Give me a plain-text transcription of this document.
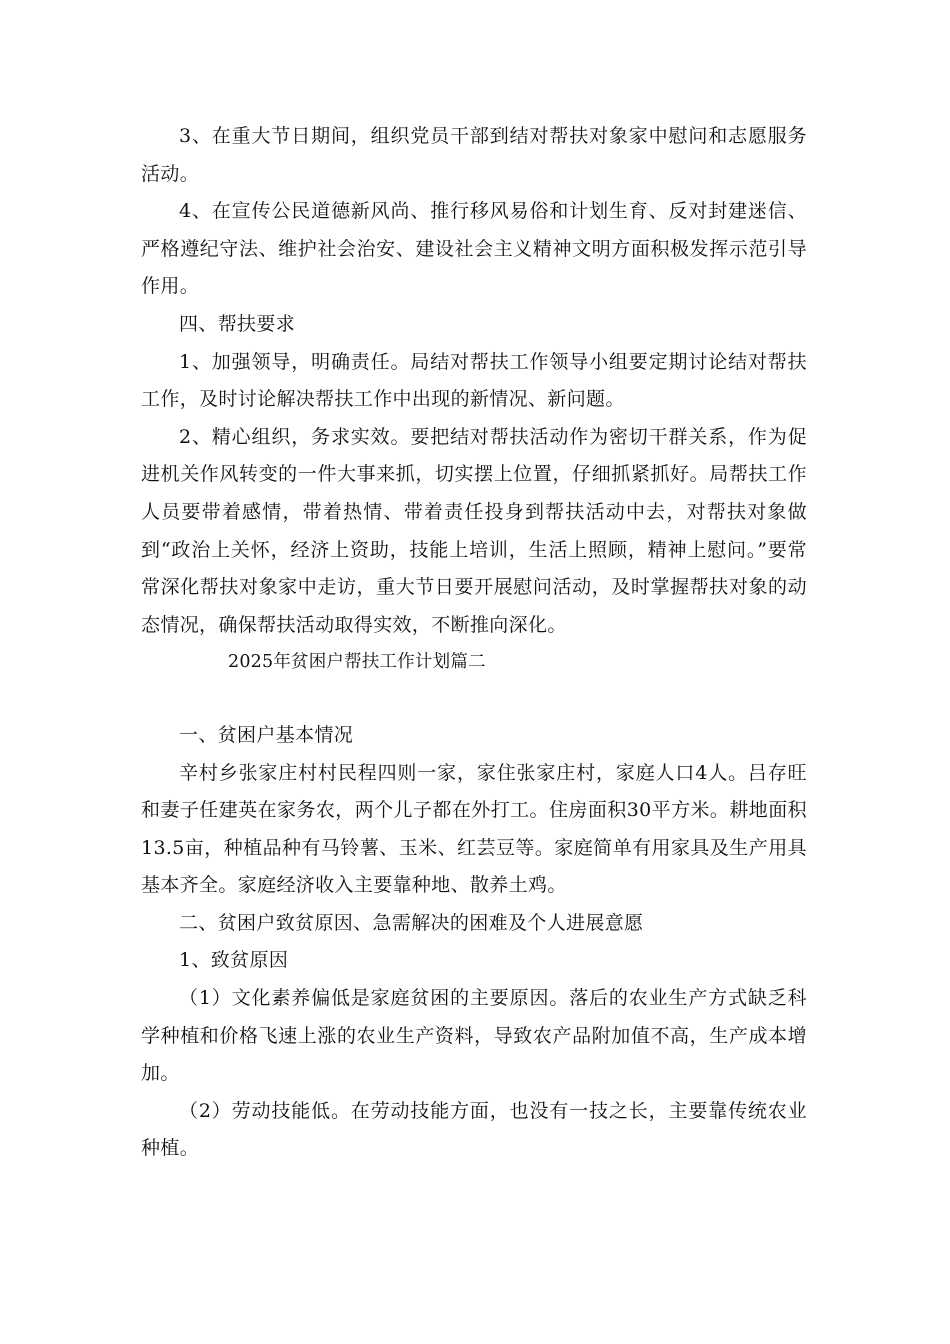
3、在重大节日期间，组织党员干部到结对帮扶对象家中慰问和志愿服务活动。

4、在宣传公民道德新风尚、推行移风易俗和计划生育、反对封建迷信、严格遵纪守法、维护社会治安、建设社会主义精神文明方面积极发挥示范引导作用。

四、帮扶要求

1、加强领导，明确责任。局结对帮扶工作领导小组要定期讨论结对帮扶工作，及时讨论解决帮扶工作中出现的新情况、新问题。

2、精心组织，务求实效。要把结对帮扶活动作为密切干群关系，作为促进机关作风转变的一件大事来抓，切实摆上位置，仔细抓紧抓好。局帮扶工作人员要带着感情，带着热情、带着责任投身到帮扶活动中去，对帮扶对象做到“政治上关怀，经济上资助，技能上培训，生活上照顾，精神上慰问。”要常常深化帮扶对象家中走访，重大节日要开展慰问活动，及时掌握帮扶对象的动态情况，确保帮扶活动取得实效，不断推向深化。

2025年贫困户帮扶工作计划篇二

一、贫困户基本情况

辛村乡张家庄村村民程四则一家，家住张家庄村，家庭人口4人。吕存旺和妻子任建英在家务农，两个儿子都在外打工。住房面积30平方米。耕地面积13.5亩，种植品种有马铃薯、玉米、红芸豆等。家庭简单有用家具及生产用具基本齐全。家庭经济收入主要靠种地、散养土鸡。

二、贫困户致贫原因、急需解决的困难及个人进展意愿

1、致贫原因

（1）文化素养偏低是家庭贫困的主要原因。落后的农业生产方式缺乏科学种植和价格飞速上涨的农业生产资料，导致农产品附加值不高，生产成本增加。

（2）劳动技能低。在劳动技能方面，也没有一技之长，主要靠传统农业种植。
